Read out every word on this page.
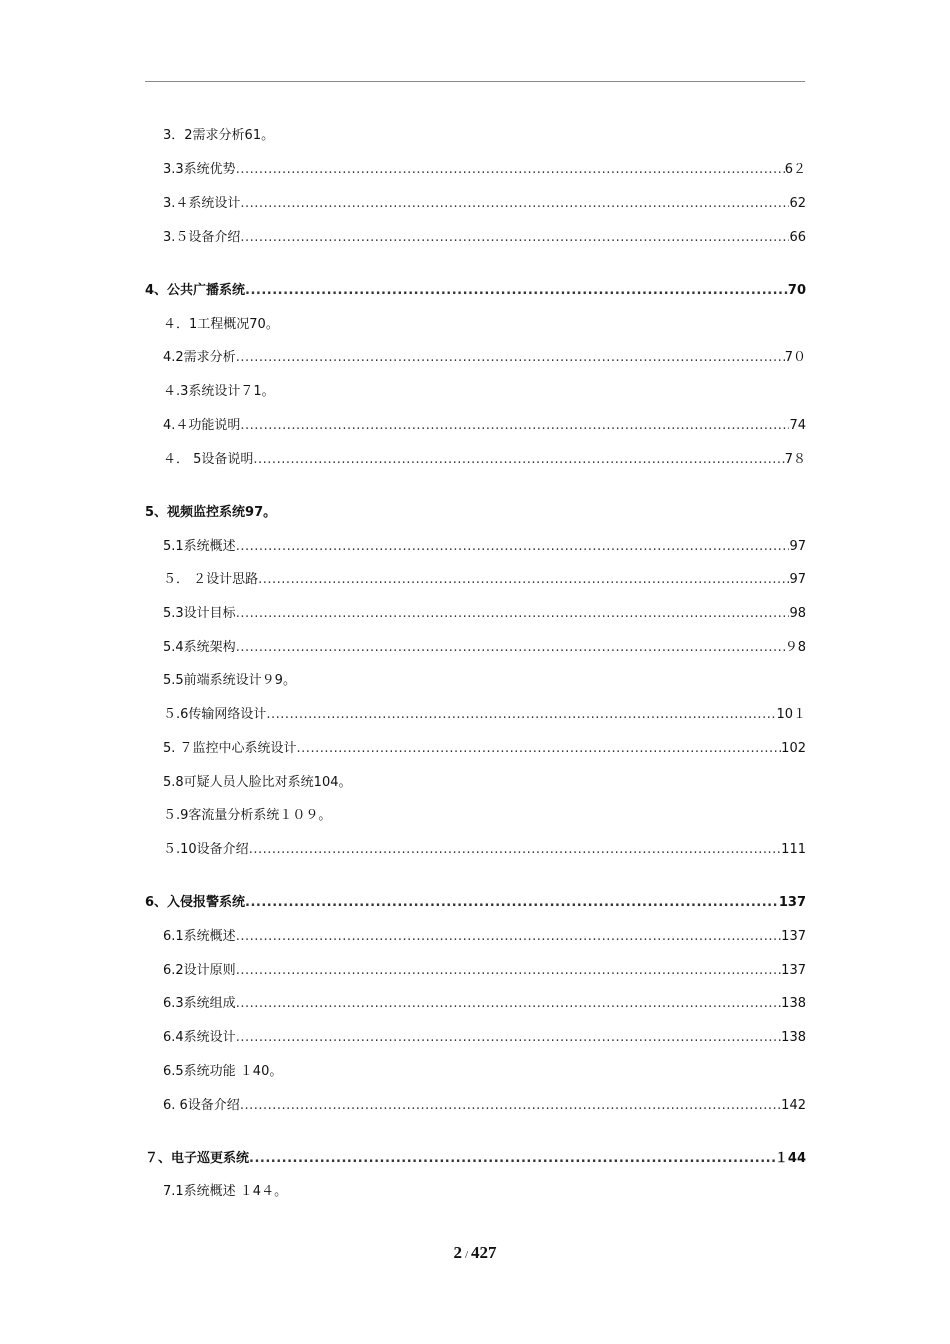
3．2需求分析61。
3.3系统优势 .....	6２
3.４系统设计 .....	62
3.５设备介绍 .....	66
4、公共广播系统 .....	70
４．1工程概况70。
4.2需求分析 .....	7０
４.3系统设计７1。
4.４功能说明 .....	74
４． 5设备说明 .....	7８
5、视频监控系统97。
5.1系统概述 .....	97
５． ２设计思路 .....	97
5.3设计目标 .....	98
5.4系统架构 .....	９8
5.5前端系统设计９9。
５.6传输网络设计 .....	10１
5. ７监控中心系统设计 .....	102
5.8可疑人员人脸比对系统104。
５.9客流量分析系统１０９。
５.10设备介绍 .....	111
6、入侵报警系统 .....	137
6.1系统概述 .....	137
6.2设计原则 .....	137
6.3系统组成 .....	138
6.4系统设计 .....	138
6.5系统功能 １40。
6. 6设备介绍 .....	142
７、电子巡更系统 .....	１44
7.1系统概述 １4４。
2 / 427
